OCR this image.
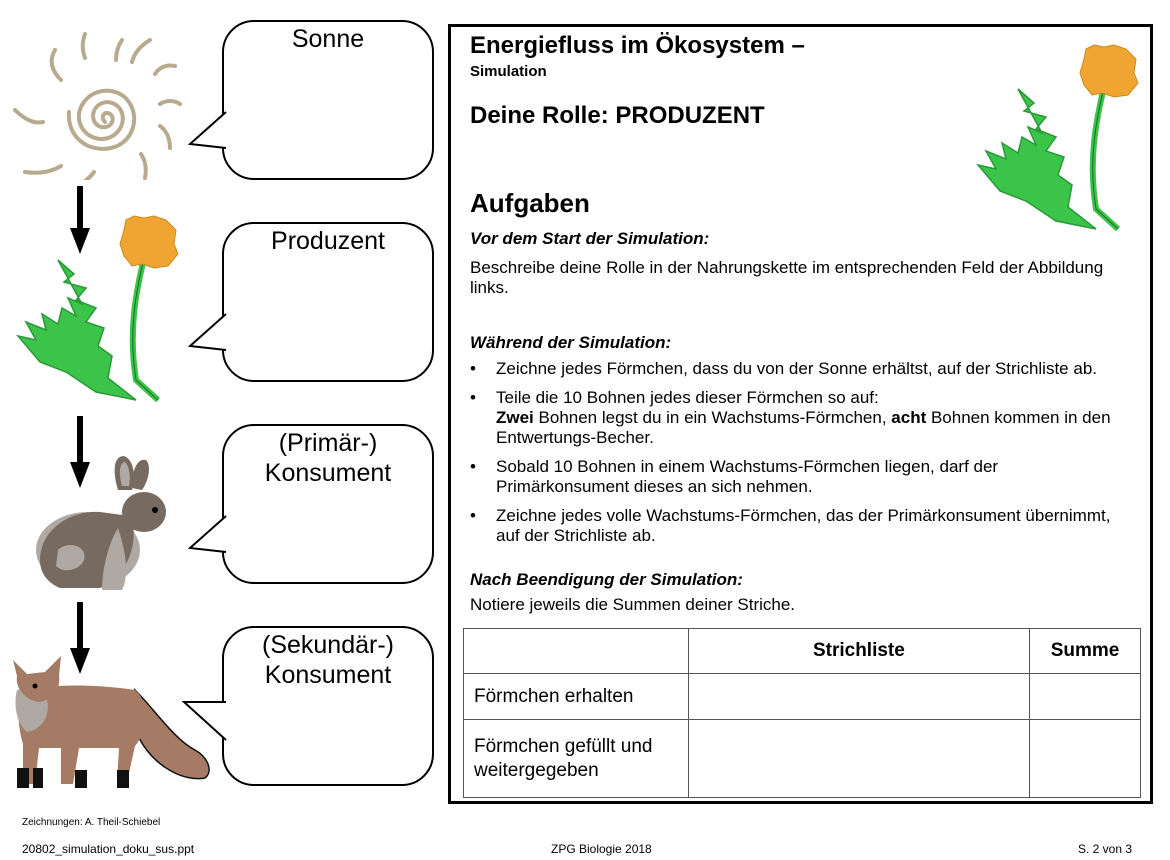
Sonne
Produzent
(Primär-)
Konsument
(Sekundär-)
Konsument
Energiefluss im Ökosystem –
Simulation
Deine Rolle: PRODUZENT
Aufgaben
Vor dem Start der Simulation:
Beschreibe deine Rolle in der Nahrungskette im entsprechenden Feld der Abbildung links.
Während der Simulation:
• Zeichne jedes Förmchen, dass du von der Sonne erhältst, auf der Strichliste ab.
• Teile die 10 Bohnen jedes dieser Förmchen so auf:
Zwei Bohnen legst du in ein Wachstums-Förmchen, acht Bohnen kommen in den Entwertungs-Becher.
• Sobald 10 Bohnen in einem Wachstums-Förmchen liegen, darf der Primärkonsument dieses an sich nehmen.
• Zeichne jedes volle Wachstums-Förmchen, das der Primärkonsument übernimmt, auf der Strichliste ab.
Nach Beendigung der Simulation:
Notiere jeweils die Summen deiner Striche.
	Strichliste	Summe
Förmchen erhalten		
Förmchen gefüllt und weitergegeben		
Zeichnungen: A. Theil-Schiebel
20802_simulation_doku_sus.ppt	ZPG Biologie 2018	S. 2 von 3
